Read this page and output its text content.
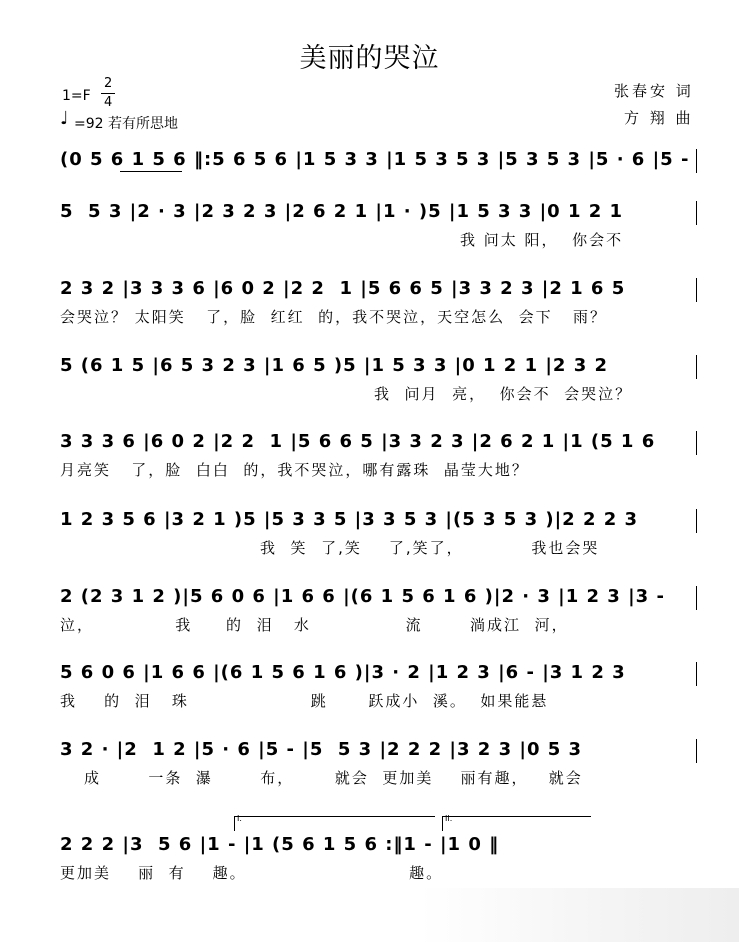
美丽的哭泣
1=F
2
4
♩ =92 若有所思地
张春安 词
方 翔 曲
(0 5 6 1 5 6 ‖:5 6 5 6 |1 5 3 3 |1 5 3 5 3 |5 3 5 3 |5 · 6 |5 -
5  5 3 |2 · 3 |2 3 2 3 |2 6 2 1 |1 · )5 |1 5 3 3 |0 1 2 1
我 问太 阳，  你会不
2 3 2 |3 3 3 6 |6 0 2 |2 2  1 |5 6 6 5 |3 3 2 3 |2 1 6 5
会哭泣？ 太阳笑   了，脸  红红  的，我不哭泣，天空怎么  会下   雨？
5 (6 1 5 |6 5 3 2 3 |1 6 5 )5 |1 5 3 3 |0 1 2 1 |2 3 2
我  问月  亮，  你会不  会哭泣？
3 3 3 6 |6 0 2 |2 2  1 |5 6 6 5 |3 3 2 3 |2 6 2 1 |1 (5 1 6
月亮笑   了，脸  白白  的，我不哭泣，哪有露珠  晶莹大地？
1 2 3 5 6 |3 2 1 )5 |5 3 3 5 |3 3 5 3 |(5 3 5 3 )|2 2 2 3
我  笑  了,笑    了,笑了，          我也会哭
2 (2 3 1 2 )|5 6 0 6 |1 6 6 |(6 1 5 6 1 6 )|2 · 3 |1 2 3 |3 -
泣，            我     的  泪   水              流       淌成江  河，
5 6 0 6 |1 6 6 |(6 1 5 6 1 6 )|3 · 2 |1 2 3 |6 - |3 1 2 3
我    的  泪   珠                  跳      跃成小  溪。  如果能悬
3 2 · |2  1 2 |5 · 6 |5 - |5  5 3 |2 2 2 |3 2 3 |0 5 3
成       一条  瀑       布，      就会  更加美    丽有趣，   就会
I.	II.
2 2 2 |3  5 6 |1 - |1 (5 6 1 5 6 :‖1 - |1 0 ‖
更加美    丽  有    趣。                        趣。
